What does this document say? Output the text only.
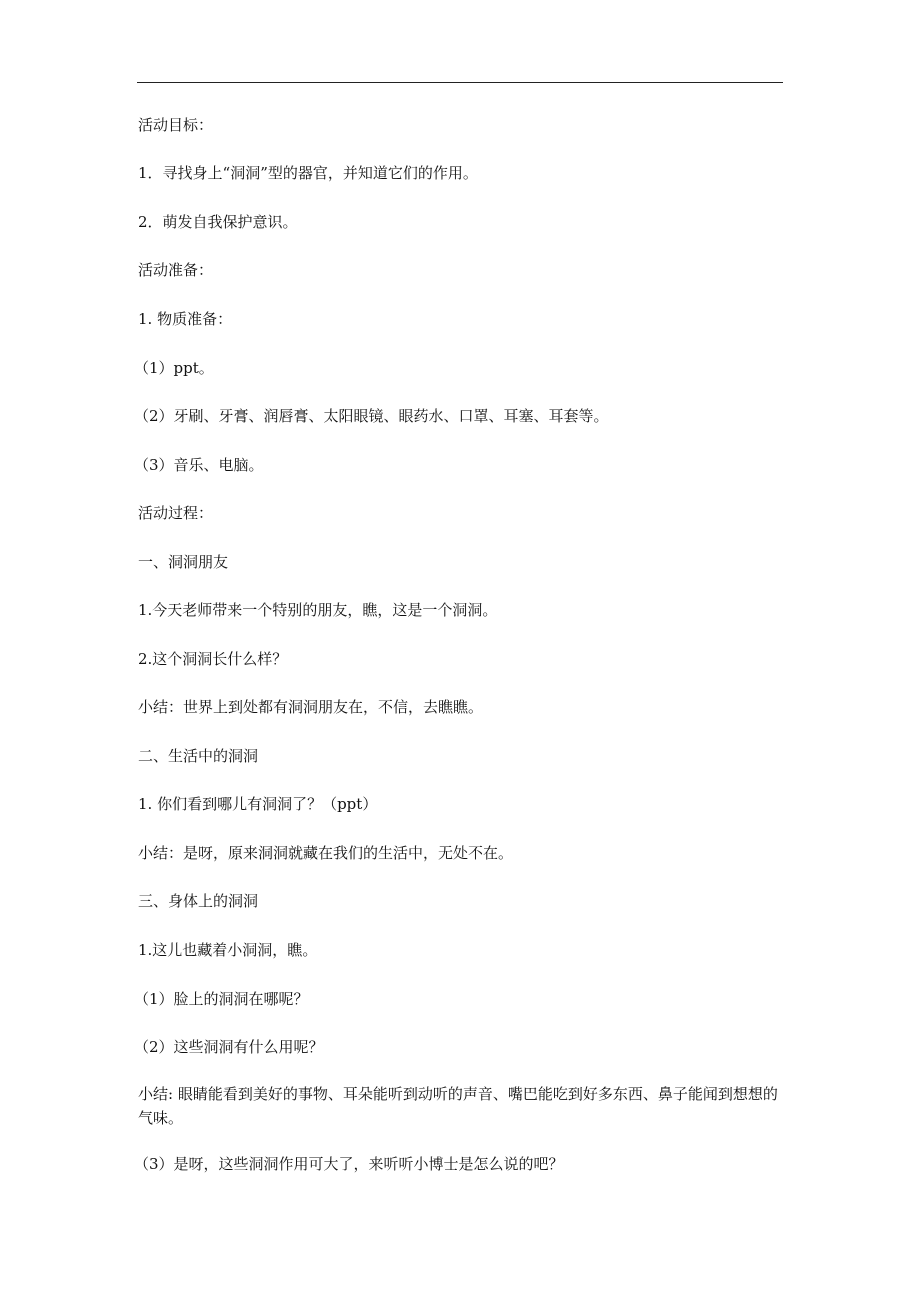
活动目标：

1．寻找身上“洞洞”型的器官，并知道它们的作用。

2．萌发自我保护意识。

活动准备：

1. 物质准备：

（1）ppt。

（2）牙刷、牙膏、润唇膏、太阳眼镜、眼药水、口罩、耳塞、耳套等。

（3）音乐、电脑。

活动过程：

一、洞洞朋友

1.今天老师带来一个特别的朋友，瞧，这是一个洞洞。

2.这个洞洞长什么样？

小结：世界上到处都有洞洞朋友在，不信，去瞧瞧。

二、生活中的洞洞

1. 你们看到哪儿有洞洞了？（ppt）

小结：是呀，原来洞洞就藏在我们的生活中，无处不在。

三、身体上的洞洞

1.这儿也藏着小洞洞，瞧。

（1）脸上的洞洞在哪呢？

（2）这些洞洞有什么用呢？

小结: 眼睛能看到美好的事物、耳朵能听到动听的声音、嘴巴能吃到好多东西、鼻子能闻到想想的气味。

（3）是呀，这些洞洞作用可大了，来听听小博士是怎么说的吧？
